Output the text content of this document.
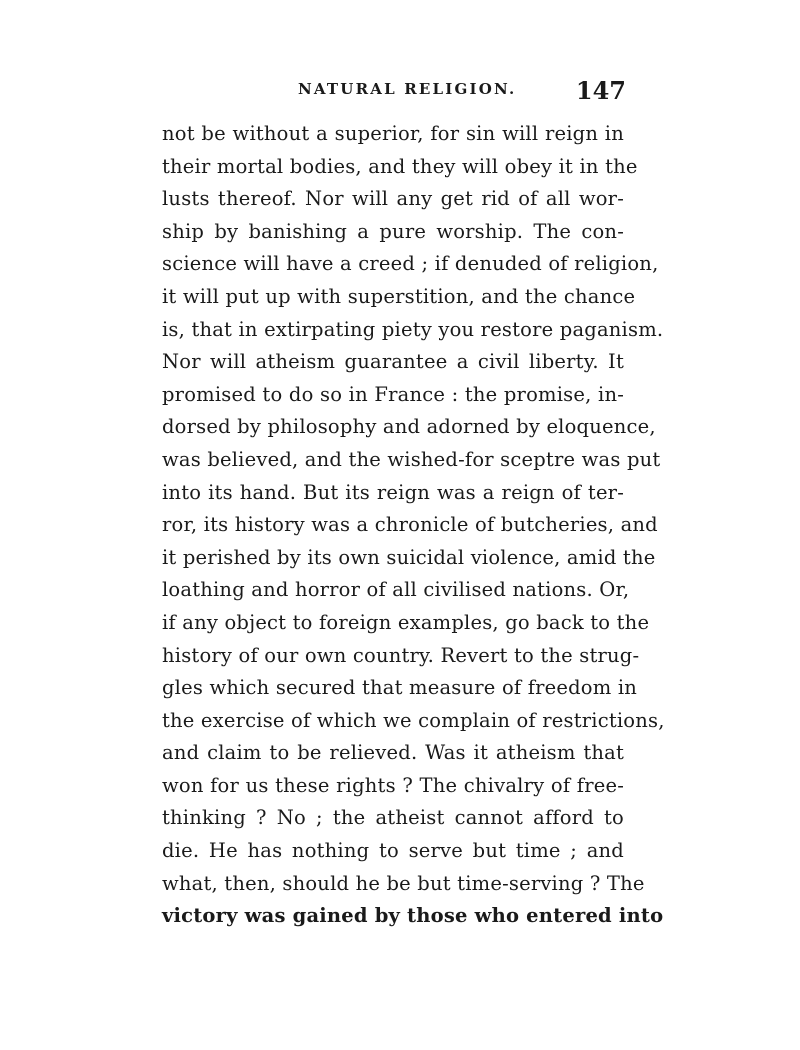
NATURAL RELIGION. 147
not be without a superior, for sin will reign in
their mortal bodies, and they will obey it in the
lusts thereof. Nor will any get rid of all wor-
ship by banishing a pure worship. The con-
science will have a creed ; if denuded of religion,
it will put up with superstition, and the chance
is, that in extirpating piety you restore paganism.
Nor will atheism guarantee a civil liberty. It
promised to do so in France : the promise, in-
dorsed by philosophy and adorned by eloquence,
was believed, and the wished-for sceptre was put
into its hand. But its reign was a reign of ter-
ror, its history was a chronicle of butcheries, and
it perished by its own suicidal violence, amid the
loathing and horror of all civilised nations. Or,
if any object to foreign examples, go back to the
history of our own country. Revert to the strug-
gles which secured that measure of freedom in
the exercise of which we complain of restrictions,
and claim to be relieved. Was it atheism that
won for us these rights ? The chivalry of free-
thinking ? No ; the atheist cannot afford to
die. He has nothing to serve but time ; and
what, then, should he be but time-serving ? The
victory was gained by those who entered into
